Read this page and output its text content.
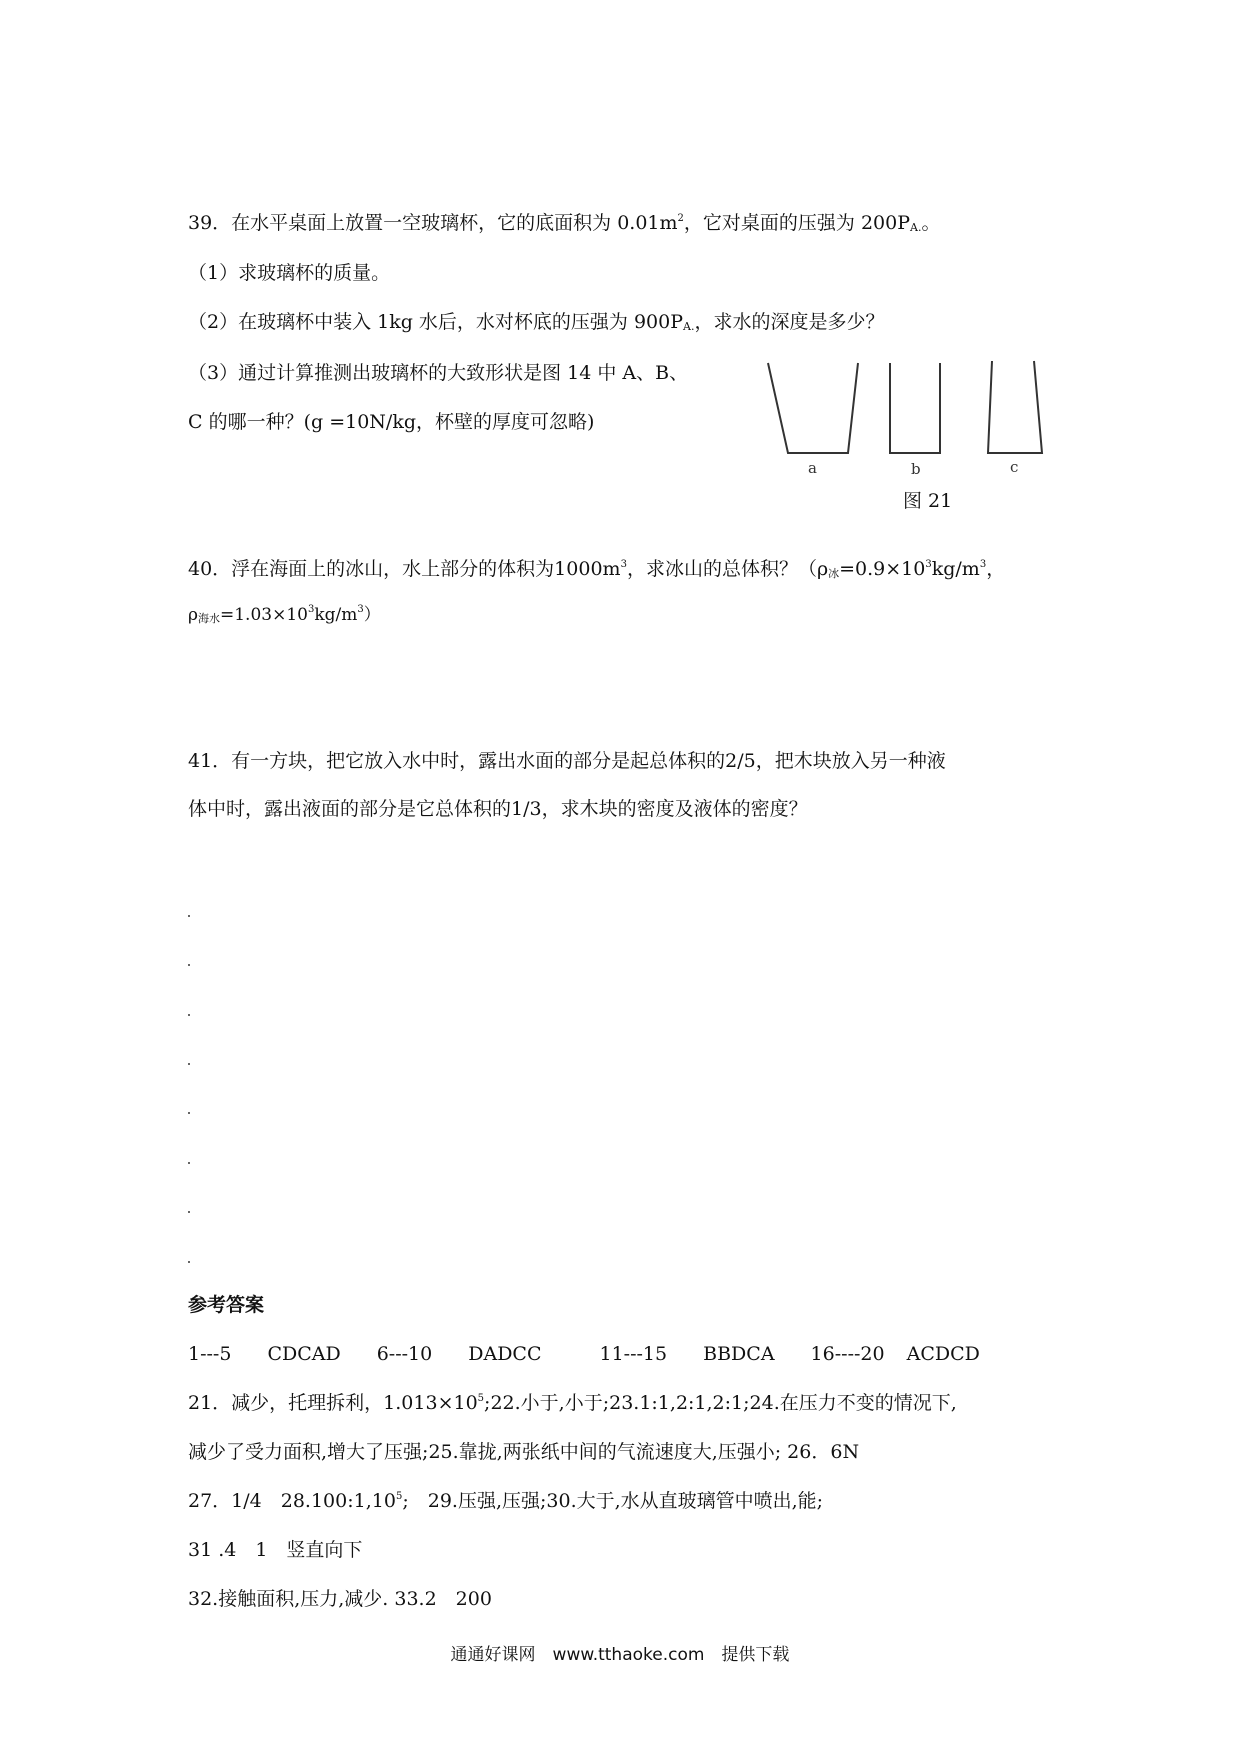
39．在水平桌面上放置一空玻璃杯，它的底面积为 $0.01m^2$，它对桌面的压强为 $200P_{A.}$。
（1）求玻璃杯的质量。
（2）在玻璃杯中装入 1kg 水后，水对杯底的压强为 $900P_{A.}$，求水的深度是多少？
（3）通过计算推测出玻璃杯的大致形状是图 14 中 A、B、
C 的哪一种？(g =10N/kg，杯壁的厚度可忽略)
a	b	c
图 21
40．浮在海面上的冰山，水上部分的体积为$1000m^3$，求冰山的总体积？（$\rho_冰=0.9\times 10^3kg/m^3$，
$\rho_{海水}=1.03\times 10^3kg/m^3$）
41．有一方块，把它放入水中时，露出水面的部分是起总体积的2/5，把木块放入另一种液
体中时，露出液面的部分是它总体积的1/3，求木块的密度及液体的密度？
参考答案
1---5 CDCAD 6---10 DADCC	11---15 BBDCA 16----20 ACDCD
21．减少，托理拆利，$1.013\times 10^5;22$.小于,小于;23.1:1,2:1,2:1;24.在压力不变的情况下,
减少了受力面积,增大了压强;25.靠拢,两张纸中间的气流速度大,压强小; 26．6N
27．1/4　28.100:1,10$^5$;　29.压强,压强;30.大于,水从直玻璃管中喷出,能;
31 .4　1　竖直向下
32.接触面积,压力,减少. 33.2　200
通通好课网　www.tthaoke.com　提供下载
